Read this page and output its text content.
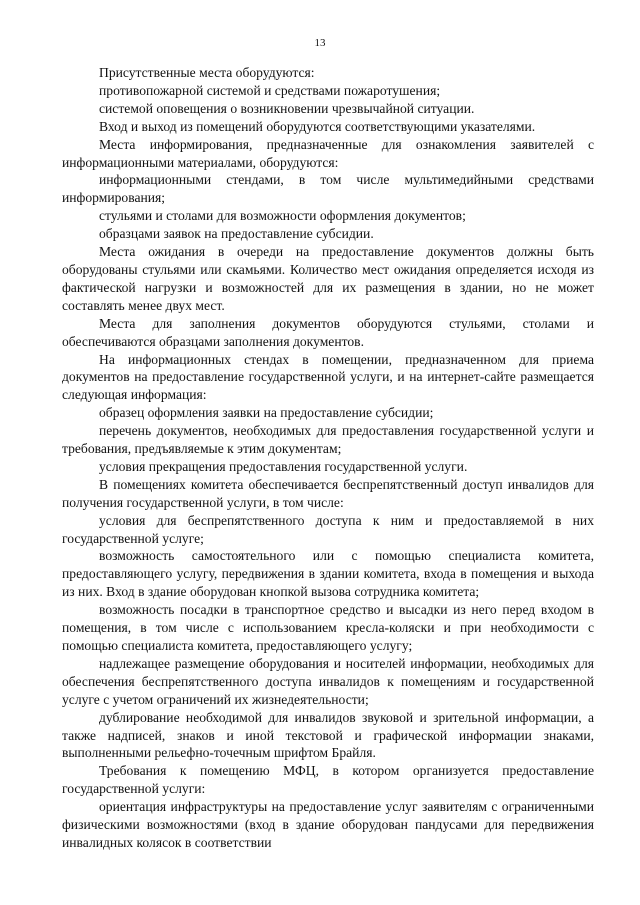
13

Присутственные места оборудуются:

противопожарной системой и средствами пожаротушения;

системой оповещения о возникновении чрезвычайной ситуации.

Вход и выход из помещений оборудуются соответствующими указателями.

Места информирования, предназначенные для ознакомления заявителей с информационными материалами, оборудуются:

информационными стендами, в том числе мультимедийными средствами информирования;

стульями и столами для возможности оформления документов;

образцами заявок на предоставление субсидии.

Места ожидания в очереди на предоставление документов должны быть оборудованы стульями или скамьями. Количество мест ожидания определяется исходя из фактической нагрузки и возможностей для их размещения в здании, но не может составлять менее двух мест.

Места для заполнения документов оборудуются стульями, столами и обеспечиваются образцами заполнения документов.

На информационных стендах в помещении, предназначенном для приема документов на предоставление государственной услуги, и на интернет-сайте размещается следующая информация:

образец оформления заявки на предоставление субсидии;

перечень документов, необходимых для предоставления государственной услуги и требования, предъявляемые к этим документам;

условия прекращения предоставления государственной услуги.

В помещениях комитета обеспечивается беспрепятственный доступ инвалидов для получения государственной услуги, в том числе:

условия для беспрепятственного доступа к ним и предоставляемой в них государственной услуге;

возможность самостоятельного или с помощью специалиста комитета, предоставляющего услугу, передвижения в здании комитета, входа в помещения и выхода из них. Вход в здание оборудован кнопкой вызова сотрудника комитета;

возможность посадки в транспортное средство и высадки из него перед входом в помещения, в том числе с использованием кресла-коляски и при необходимости с помощью специалиста комитета, предоставляющего услугу;

надлежащее размещение оборудования и носителей информации, необходимых для обеспечения беспрепятственного доступа инвалидов к помещениям и государственной услуге с учетом ограничений их жизнедеятельности;

дублирование необходимой для инвалидов звуковой и зрительной информации, а также надписей, знаков и иной текстовой и графической информации знаками, выполненными рельефно-точечным шрифтом Брайля.

Требования к помещению МФЦ, в котором организуется предоставление государственной услуги:

ориентация инфраструктуры на предоставление услуг заявителям с ограниченными физическими возможностями (вход в здание оборудован пандусами для передвижения инвалидных колясок в соответствии
